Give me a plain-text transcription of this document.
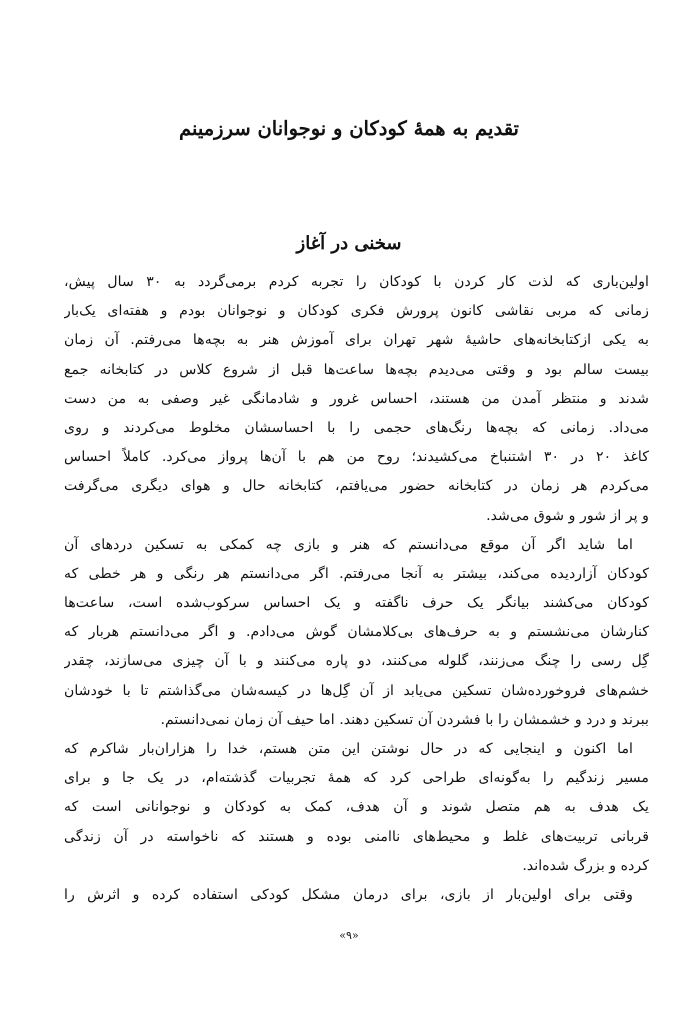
تقدیم به همهٔ کودکان و نوجوانان سرزمینم
سخنی در آغاز
اولین‌باری که لذت کار کردن با کودکان را تجربه کردم برمی‌گردد به ۳۰ سال پیش،
زمانی که مربی نقاشی کانون پرورش فکری کودکان و نوجوانان بودم و هفته‌ای یک‌بار
به یکی ازکتابخانه‌های حاشیهٔ شهر تهران برای آموزش هنر به بچه‌ها می‌رفتم. آن زمان
بیست سالم بود و وقتی می‌دیدم بچه‌ها ساعت‌ها قبل از شروع کلاس در کتابخانه جمع
شدند و منتظر آمدن من هستند، احساس غرور و شادمانگی غیر وصفی به من دست
می‌داد. زمانی که بچه‌ها رنگ‌های حجمی را با احساسشان مخلوط می‌کردند و روی
کاغذ ۲۰ در ۳۰ اشتنباخ می‌کشیدند؛ روح من هم با آن‌ها پرواز می‌کرد. کاملاً احساس
می‌کردم هر زمان در کتابخانه حضور می‌یافتم، کتابخانه حال و هوای دیگری می‌گرفت
و پر از شور و شوق می‌شد.
اما شاید اگر آن موقع می‌دانستم که هنر و بازی چه کمکی به تسکین دردهای آن
کودکان آزاردیده می‌کند، بیشتر به آنجا می‌رفتم. اگر می‌دانستم هر رنگی و هر خطی که
کودکان می‌کشند بیانگر یک حرف ناگفته و یک احساس سرکوب‌شده است، ساعت‌ها
کنارشان می‌نشستم و به حرف‌های بی‌کلامشان گوش می‌دادم. و اگر می‌دانستم هربار که
گِل رسی را چنگ می‌زنند، گلوله می‌کنند، دو پاره می‌کنند و با آن چیزی می‌سازند، چقدر
خشم‌های فروخورده‌شان تسکین می‌یابد از آن گِل‌ها در کیسه‌شان می‌گذاشتم تا با خودشان
ببرند و درد و خشمشان را با فشردن آن تسکین دهند. اما حیف آن زمان نمی‌دانستم.
اما اکنون و اینجایی که در حال نوشتن این متن هستم، خدا را هزاران‌بار شاکرم که
مسیر زندگیم را به‌گونه‌ای طراحی کرد که همهٔ تجربیات گذشته‌ام، در یک جا و برای
یک هدف به هم متصل شوند و آن هدف، کمک به کودکان و نوجوانانی است که
قربانی تربیت‌های غلط و محیط‌های ناامنی بوده و هستند که ناخواسته در آن زندگی
کرده و بزرگ شده‌اند.
وقتی برای اولین‌بار از بازی، برای درمان مشکل کودکی استفاده کرده و اثرش را
«۹»
